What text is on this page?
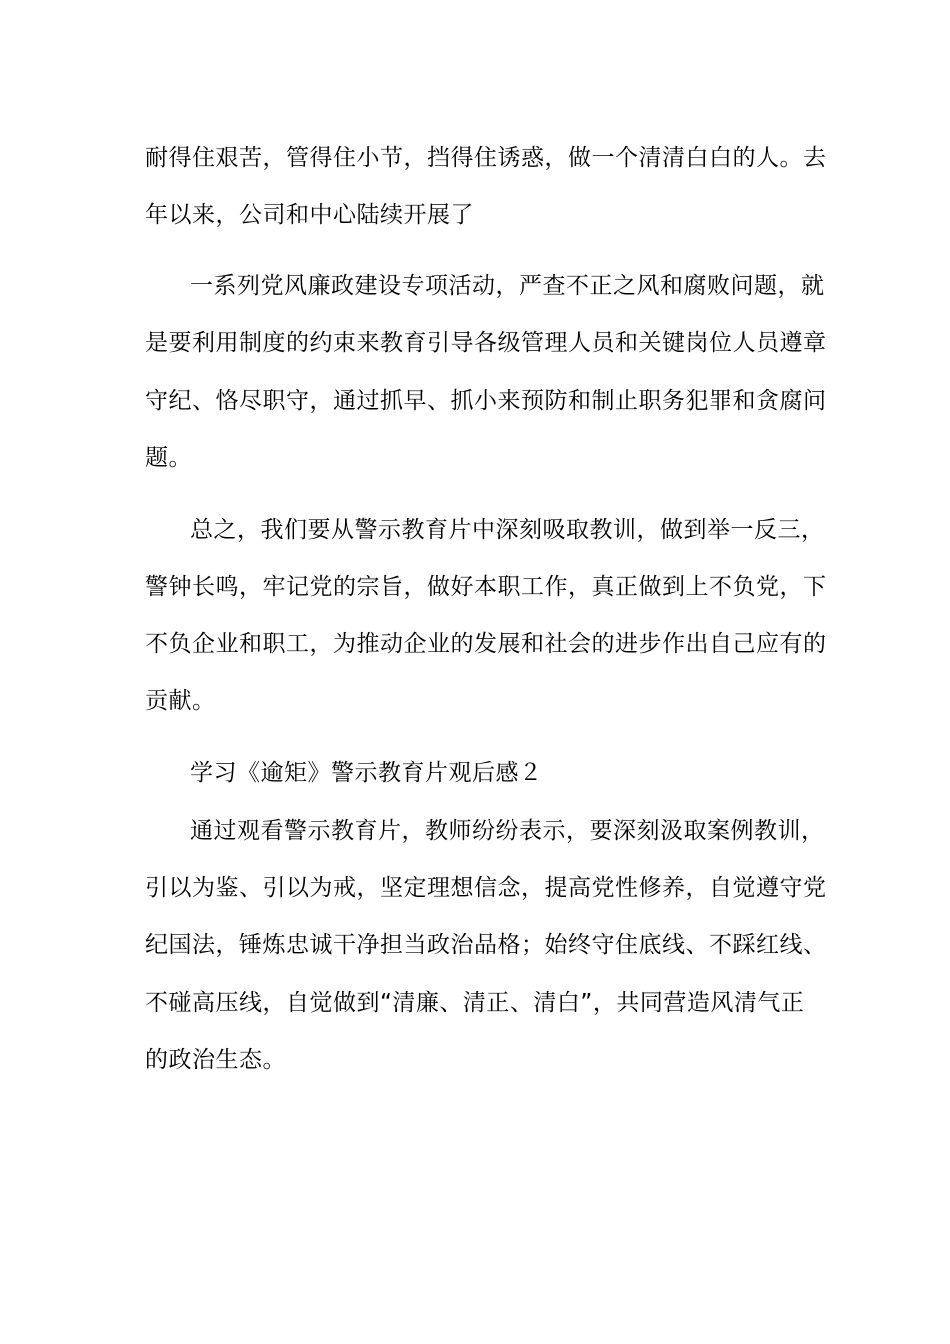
耐得住艰苦，管得住小节，挡得住诱惑，做一个清清白白的人。去
年以来，公司和中心陆续开展了
一系列党风廉政建设专项活动，严查不正之风和腐败问题，就
是要利用制度的约束来教育引导各级管理人员和关键岗位人员遵章
守纪、恪尽职守，通过抓早、抓小来预防和制止职务犯罪和贪腐问
题。
总之，我们要从警示教育片中深刻吸取教训，做到举一反三，
警钟长鸣，牢记党的宗旨，做好本职工作，真正做到上不负党，下
不负企业和职工，为推动企业的发展和社会的进步作出自己应有的
贡献。
学习《逾矩》警示教育片观后感２
通过观看警示教育片，教师纷纷表示，要深刻汲取案例教训，
引以为鉴、引以为戒，坚定理想信念，提高党性修养，自觉遵守党
纪国法，锤炼忠诚干净担当政治品格；始终守住底线、不踩红线、
不碰高压线，自觉做到“清廉、清正、清白”，共同营造风清气正
的政治生态。
